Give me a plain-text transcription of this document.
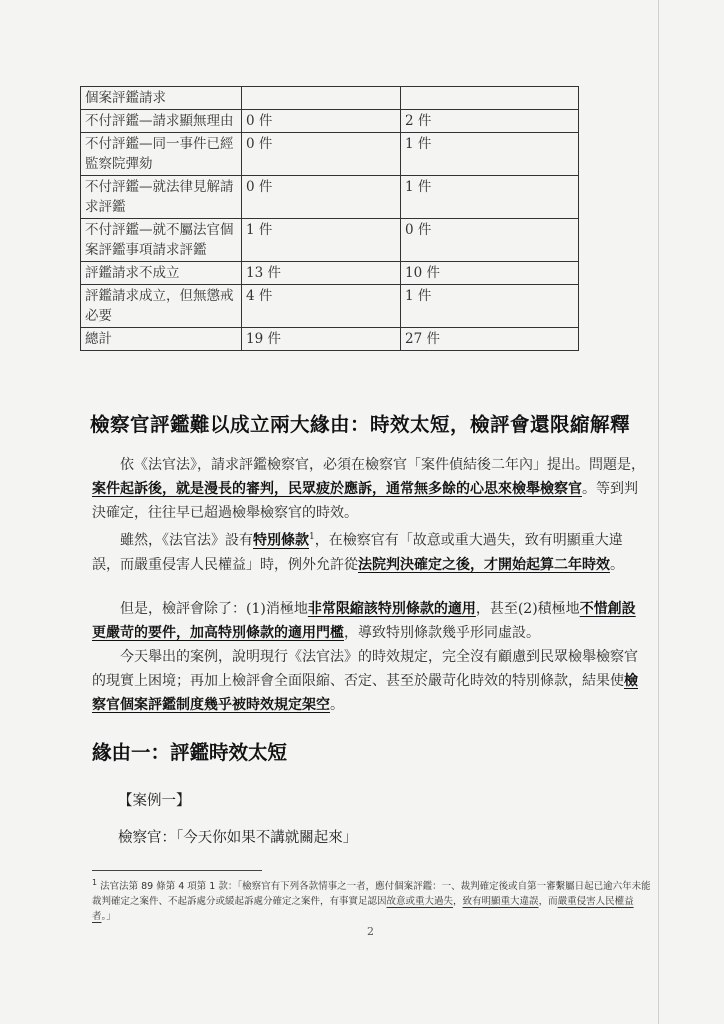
個案評鑑請求		
不付評鑑—請求顯無理由	0 件	2 件
不付評鑑—同一事件已經監察院彈劾	0 件	1 件
不付評鑑—就法律見解請求評鑑	0 件	1 件
不付評鑑—就不屬法官個案評鑑事項請求評鑑	1 件	0 件
評鑑請求不成立	13 件	10 件
評鑑請求成立，但無懲戒必要	4 件	1 件
總計	19 件	27 件
檢察官評鑑難以成立兩大緣由：時效太短，檢評會還限縮解釋
依《法官法》，請求評鑑檢察官，必須在檢察官「案件偵結後二年內」提出。問題是，案件起訴後，就是漫長的審判，民眾疲於應訴，通常無多餘的心思來檢舉檢察官。等到判決確定，往往早已超過檢舉檢察官的時效。
雖然，《法官法》設有特別條款$^1$，在檢察官有「故意或重大過失，致有明顯重大違誤，而嚴重侵害人民權益」時，例外允許從法院判決確定之後，才開始起算二年時效。
但是，檢評會除了：(1)消極地非常限縮該特別條款的適用，甚至(2)積極地不惜創設更嚴苛的要件，加高特別條款的適用門檻，導致特別條款幾乎形同虛設。
今天舉出的案例，說明現行《法官法》的時效規定，完全沒有顧慮到民眾檢舉檢察官的現實上困境；再加上檢評會全面限縮、否定、甚至於嚴苛化時效的特別條款，結果使檢察官個案評鑑制度幾乎被時效規定架空。
緣由一：評鑑時效太短
【案例一】
檢察官：「今天你如果不講就關起來」
$^1$ 法官法第 89 條第 4 項第 1 款：「檢察官有下列各款情事之一者，應付個案評鑑：一、裁判確定後或自第一審繫屬日起已逾六年未能裁判確定之案件、不起訴處分或緩起訴處分確定之案件，有事實足認因故意或重大過失，致有明顯重大違誤，而嚴重侵害人民權益者。」
2
